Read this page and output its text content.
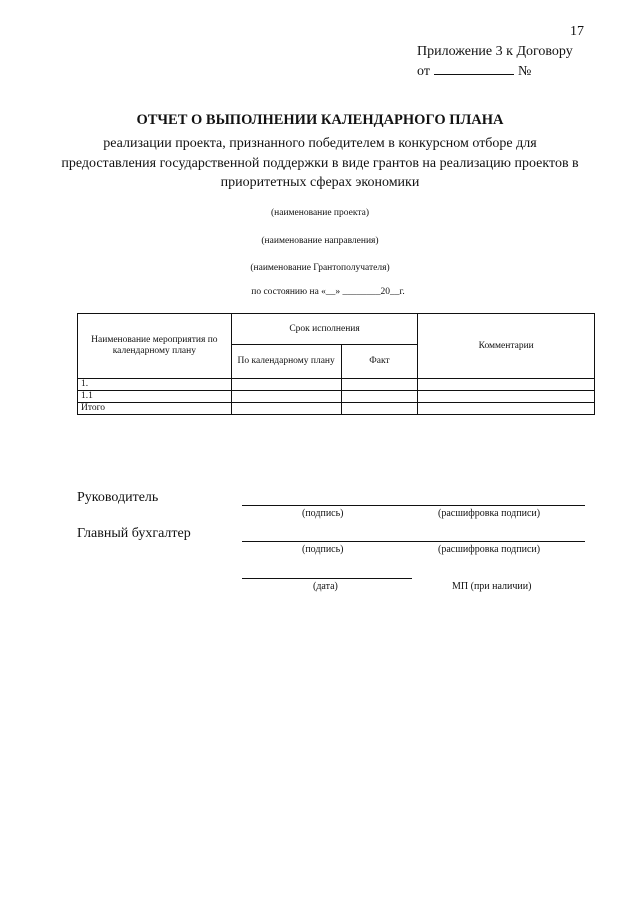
17
Приложение 3 к Договору
от	№
ОТЧЕТ О ВЫПОЛНЕНИИ КАЛЕНДАРНОГО ПЛАНА
реализации проекта, признанного победителем в конкурсном отборе для предоставления государственной поддержки в виде грантов на реализацию проектов в приоритетных сферах экономики
(наименование проекта)
(наименование направления)
(наименование Грантополучателя)
по состоянию на «__» ________20__г.
Наименование мероприятия по календарному плану	Срок исполнения		Комментарии
	По календарному плану	Факт	
1.			
1.1			
Итого			
Руководитель
(подпись)	(расшифровка подписи)
Главный бухгалтер
(подпись)	(расшифровка подписи)
(дата)	МП (при наличии)
